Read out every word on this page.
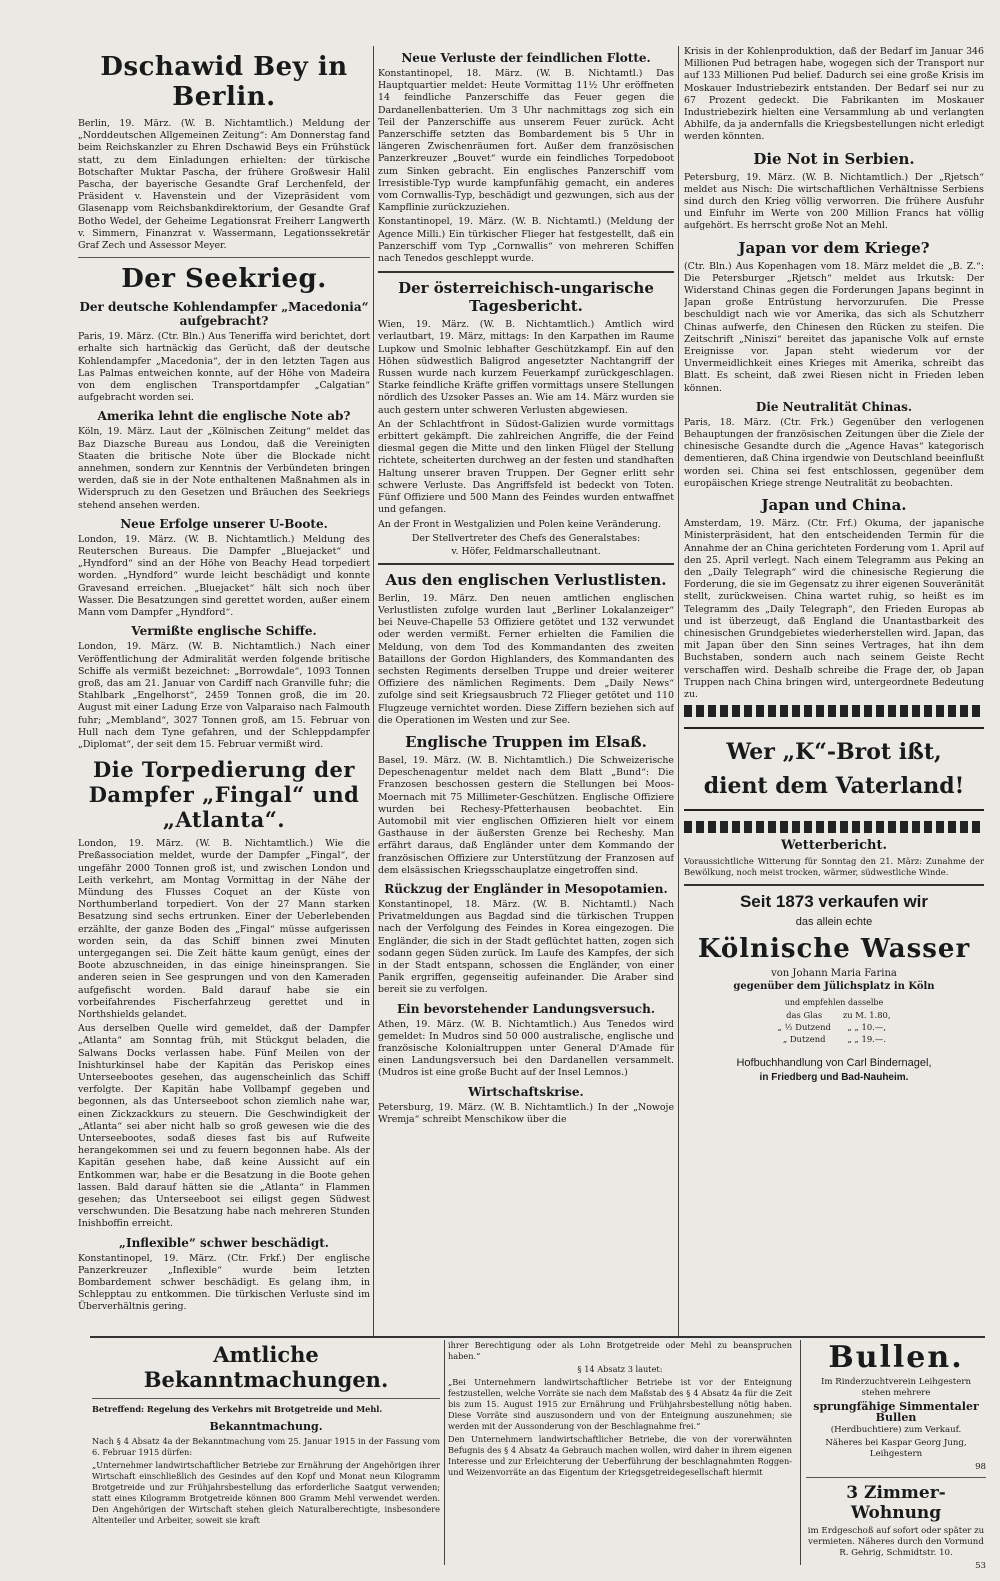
Dschawid Bey in Berlin.

Berlin, 19. März. (W. B. Nichtamtlich.) Meldung der „Norddeutschen Allgemeinen Zeitung“: Am Donnerstag fand beim Reichskanzler zu Ehren Dschawid Beys ein Frühstück statt, zu dem Einladungen erhielten: der türkische Botschafter Muktar Pascha, der frühere Großwesir Halil Pascha, der bayerische Gesandte Graf Lerchenfeld, der Präsident v. Havenstein und der Vizepräsident vom Glasenapp vom Reichsbankdirektorium, der Gesandte Graf Botho Wedel, der Geheime Legationsrat Freiherr Langwerth v. Simmern, Finanzrat v. Wassermann, Legationssekretär Graf Zech und Assessor Meyer.

Der Seekrieg.
Der deutsche Kohlendampfer „Macedonia“ aufgebracht?

Paris, 19. März. (Ctr. Bln.) Aus Teneriffa wird berichtet, dort erhalte sich hartnäckig das Gerücht, daß der deutsche Kohlendampfer „Macedonia“, der in den letzten Tagen aus Las Palmas entweichen konnte, auf der Höhe von Madeira von dem englischen Transportdampfer „Calgatian“ aufgebracht worden sei.

Amerika lehnt die englische Note ab?

Köln, 19. März. Laut der „Kölnischen Zeitung“ meldet das Baz Diazsche Bureau aus Londou, daß die Vereinigten Staaten die britische Note über die Blockade nicht annehmen, sondern zur Kenntnis der Verbündeten bringen werden, daß sie in der Note enthaltenen Maßnahmen als in Widerspruch zu den Gesetzen und Bräuchen des Seekriegs stehend ansehen werden.

Neue Erfolge unserer U-Boote.

London, 19. März. (W. B. Nichtamtlich.) Meldung des Reuterschen Bureaus. Die Dampfer „Bluejacket“ und „Hyndford“ sind an der Höhe von Beachy Head torpediert worden. „Hyndford“ wurde leicht beschädigt und konnte Gravesand erreichen. „Bluejacket“ hält sich noch über Wasser. Die Besatzungen sind gerettet worden, außer einem Mann vom Dampfer „Hyndford“.

Vermißte englische Schiffe.

London, 19. März. (W. B. Nichtamtlich.) Nach einer Veröffentlichung der Admiralität werden folgende britische Schiffe als vermißt bezeichnet: „Borrowdale“, 1093 Tonnen groß, das am 21. Januar von Cardiff nach Granville fuhr; die Stahlbark „Engelhorst“, 2459 Tonnen groß, die im 20. August mit einer Ladung Erze von Valparaiso nach Falmouth fuhr; „Membland“, 3027 Tonnen groß, am 15. Februar von Hull nach dem Tyne gefahren, und der Schleppdampfer „Diplomat“, der seit dem 15. Februar vermißt wird.

Die Torpedierung der Dampfer „Fingal“ und „Atlanta“.

London, 19. März. (W. B. Nichtamtlich.) Wie die Preßassociation meldet, wurde der Dampfer „Fingal“, der ungefähr 2000 Tonnen groß ist, und zwischen London und Leith verkehrt, am Montag Vormittag in der Nähe der Mündung des Flusses Coquet an der Küste von Northumberland torpediert. Von der 27 Mann starken Besatzung sind sechs ertrunken. Einer der Ueberlebenden erzählte, der ganze Boden des „Fingal“ müsse aufgerissen worden sein, da das Schiff binnen zwei Minuten untergegangen sei. Die Zeit hätte kaum genügt, eines der Boote abzuschneiden, in das einige hineinsprangen. Sie anderen seien in See gesprungen und von den Kameraden aufgefischt worden. Bald darauf habe sie ein vorbeifahrendes Fischerfahrzeug gerettet und in Northshields gelandet.

Aus derselben Quelle wird gemeldet, daß der Dampfer „Atlanta“ am Sonntag früh, mit Stückgut beladen, die Salwans Docks verlassen habe. Fünf Meilen von der Inishturkinsel habe der Kapitän das Periskop eines Unterseebootes gesehen, das augenscheinlich das Schiff verfolgte. Der Kapitän habe Vollbampf gegeben und begonnen, als das Unterseeboot schon ziemlich nahe war, einen Zickzackkurs zu steuern. Die Geschwindigkeit der „Atlanta“ sei aber nicht halb so groß gewesen wie die des Unterseebootes, sodaß dieses fast bis auf Rufweite herangekommen sei und zu feuern begonnen habe. Als der Kapitän gesehen habe, daß keine Aussicht auf ein Entkommen war, habe er die Besatzung in die Boote gehen lassen. Bald darauf hätten sie die „Atlanta“ in Flammen gesehen; das Unterseeboot sei eiligst gegen Südwest verschwunden. Die Besatzung habe nach mehreren Stunden Inishboffin erreicht.

„Inflexible“ schwer beschädigt.

Konstantinopel, 19. März. (Ctr. Frkf.) Der englische Panzerkreuzer „Inflexible“ wurde beim letzten Bombardement schwer beschädigt. Es gelang ihm, in Schlepptau zu entkommen. Die türkischen Verluste sind im Überverhältnis gering.

Neue Verluste der feindlichen Flotte.

Konstantinopel, 18. März. (W. B. Nichtamtl.) Das Hauptquartier meldet: Heute Vormittag 11½ Uhr eröffneten 14 feindliche Panzerschiffe das Feuer gegen die Dardanellenbatterien. Um 3 Uhr nachmittags zog sich ein Teil der Panzerschiffe aus unserem Feuer zurück. Acht Panzerschiffe setzten das Bombardement bis 5 Uhr in längeren Zwischenräumen fort. Außer dem französischen Panzerkreuzer „Bouvet“ wurde ein feindliches Torpedoboot zum Sinken gebracht. Ein englisches Panzerschiff vom Irresistible-Typ wurde kampfunfähig gemacht, ein anderes vom Cornwallis-Typ, beschädigt und gezwungen, sich aus der Kampflinie zurückzuziehen.

Konstantinopel, 19. März. (W. B. Nichtamtl.) (Meldung der Agence Milli.) Ein türkischer Flieger hat festgestellt, daß ein Panzerschiff vom Typ „Cornwallis“ von mehreren Schiffen nach Tenedos geschleppt wurde.

Der österreichisch-ungarische Tagesbericht.

Wien, 19. März. (W. B. Nichtamtlich.) Amtlich wird verlautbart, 19. März, mittags: In den Karpathen im Raume Lupkow und Smolnic lebhafter Geschützkampf. Ein auf den Höhen südwestlich Baligrod angesetzter Nachtangriff der Russen wurde nach kurzem Feuerkampf zurückgeschlagen. Starke feindliche Kräfte griffen vormittags unsere Stellungen nördlich des Uzsoker Passes an. Wie am 14. März wurden sie auch gestern unter schweren Verlusten abgewiesen.

An der Schlachtfront in Südost-Galizien wurde vormittags erbittert gekämpft. Die zahlreichen Angriffe, die der Feind diesmal gegen die Mitte und den linken Flügel der Stellung richtete, scheiterten durchweg an der festen und standhaften Haltung unserer braven Truppen. Der Gegner erlitt sehr schwere Verluste. Das Angriffsfeld ist bedeckt von Toten. Fünf Offiziere und 500 Mann des Feindes wurden entwaffnet und gefangen.

An der Front in Westgalizien und Polen keine Veränderung.

Der Stellvertreter des Chefs des Generalstabes:
v. Höfer, Feldmarschalleutnant.
Aus den englischen Verlustlisten.

Berlin, 19. März. Den neuen amtlichen englischen Verlustlisten zufolge wurden laut „Berliner Lokalanzeiger“ bei Neuve-Chapelle 53 Offiziere getötet und 132 verwundet oder werden vermißt. Ferner erhielten die Familien die Meldung, von dem Tod des Kommandanten des zweiten Bataillons der Gordon Highlanders, des Kommandanten des sechsten Regiments derselben Truppe und dreier weiterer Offiziere des nämlichen Regiments. Dem „Daily News“ zufolge sind seit Kriegsausbruch 72 Flieger getötet und 110 Flugzeuge vernichtet worden. Diese Ziffern beziehen sich auf die Operationen im Westen und zur See.

Englische Truppen im Elsaß.

Basel, 19. März. (W. B. Nichtamtlich.) Die Schweizerische Depeschenagentur meldet nach dem Blatt „Bund“: Die Franzosen beschossen gestern die Stellungen bei Moos-Moernach mit 75 Millimeter-Geschützen. Englische Offiziere wurden bei Rechesy-Pfetterhausen beobachtet. Ein Automobil mit vier englischen Offizieren hielt vor einem Gasthause in der äußersten Grenze bei Recheshy. Man erfährt daraus, daß Engländer unter dem Kommando der französischen Offiziere zur Unterstützung der Franzosen auf dem elsässischen Kriegsschauplatze eingetroffen sind.

Rückzug der Engländer in Mesopotamien.

Konstantinopel, 18. März. (W. B. Nichtamtl.) Nach Privatmeldungen aus Bagdad sind die türkischen Truppen nach der Verfolgung des Feindes in Korea eingezogen. Die Engländer, die sich in der Stadt geflüchtet hatten, zogen sich sodann gegen Süden zurück. Im Laufe des Kampfes, der sich in der Stadt entspann, schossen die Engländer, von einer Panik ergriffen, gegenseitig aufeinander. Die Araber sind bereit sie zu verfolgen.

Ein bevorstehender Landungsversuch.

Athen, 19. März. (W. B. Nichtamtlich.) Aus Tenedos wird gemeldet: In Mudros sind 50 000 australische, englische und französische Kolonialtruppen unter General D'Amade für einen Landungsversuch bei den Dardanellen versammelt. (Mudros ist eine große Bucht auf der Insel Lemnos.)

Wirtschaftskrise.

Petersburg, 19. März. (W. B. Nichtamtlich.) In der „Nowoje Wremja“ schreibt Menschikow über die

Krisis in der Kohlenproduktion, daß der Bedarf im Januar 346 Millionen Pud betragen habe, wogegen sich der Transport nur auf 133 Millionen Pud belief. Dadurch sei eine große Krisis im Moskauer Industriebezirk entstanden. Der Bedarf sei nur zu 67 Prozent gedeckt. Die Fabrikanten im Moskauer Industriebezirk hielten eine Versammlung ab und verlangten Abhilfe, da ja andernfalls die Kriegsbestellungen nicht erledigt werden könnten.

Die Not in Serbien.

Petersburg, 19. März. (W. B. Nichtamtlich.) Der „Rjetsch“ meldet aus Nisch: Die wirtschaftlichen Verhältnisse Serbiens sind durch den Krieg völlig verworren. Die frühere Ausfuhr und Einfuhr im Werte von 200 Million Francs hat völlig aufgehört. Es herrscht große Not an Mehl.

Japan vor dem Kriege?

(Ctr. Bln.) Aus Kopenhagen vom 18. März meldet die „B. Z.“: Die Petersburger „Rjetsch“ meldet aus Irkutsk: Der Widerstand Chinas gegen die Forderungen Japans beginnt in Japan große Entrüstung hervorzurufen. Die Presse beschuldigt nach wie vor Amerika, das sich als Schutzherr Chinas aufwerfe, den Chinesen den Rücken zu steifen. Die Zeitschrift „Niniszi“ bereitet das japanische Volk auf ernste Ereignisse vor. Japan steht wiederum vor der Unvermeidlichkeit eines Krieges mit Amerika, schreibt das Blatt. Es scheint, daß zwei Riesen nicht in Frieden leben können.

Die Neutralität Chinas.

Paris, 18. März. (Ctr. Frk.) Gegenüber den verlogenen Behauptungen der französischen Zeitungen über die Ziele der chinesische Gesandte durch die „Agence Havas“ kategorisch dementieren, daß China irgendwie von Deutschland beeinflußt worden sei. China sei fest entschlossen, gegenüber dem europäischen Kriege strenge Neutralität zu beobachten.

Japan und China.

Amsterdam, 19. März. (Ctr. Frf.) Okuma, der japanische Ministerpräsident, hat den entscheidenden Termin für die Annahme der an China gerichteten Forderung vom 1. April auf den 25. April verlegt. Nach einem Telegramm aus Peking an den „Daily Telegraph“ wird die chinesische Regierung die Forderung, die sie im Gegensatz zu ihrer eigenen Souveränität stellt, zurückweisen. China wartet ruhig, so heißt es im Telegramm des „Daily Telegraph“, den Frieden Europas ab und ist überzeugt, daß England die Unantastbarkeit des chinesischen Grundgebietes wiederherstellen wird. Japan, das mit Japan über den Sinn seines Vertrages, hat ihn dem Buchstaben, sondern auch nach seinem Geiste Recht verschaffen wird. Deshalb schreibe die Frage der, ob Japan Truppen nach China bringen wird, untergeordnete Bedeutung zu.

Wer „K“-Brot ißt,
dient dem Vaterland!
Wetterbericht.

Voraussichtliche Witterung für Sonntag den 21. März: Zunahme der Bewölkung, noch meist trocken, wärmer, südwestliche Winde.

Seit 1873 verkaufen wir
das allein echte
Kölnische Wasser
von Johann Maria Farina
gegenüber dem Jülichsplatz in Köln
und empfehlen dasselbe
das Glas	zu M. 1.80,
„ ½ Dutzend	„ „ 10.—,
„ Dutzend	„ „ 19.—.
Hofbuchhandlung von Carl Bindernagel,
in Friedberg und Bad-Nauheim.
Amtliche Bekanntmachungen.

Betreffend: Regelung des Verkehrs mit Brotgetreide und Mehl.

Bekanntmachung.

Nach § 4 Absatz 4a der Bekanntmachung vom 25. Januar 1915 in der Fassung vom 6. Februar 1915 dürfen:

„Unternehmer landwirtschaftlicher Betriebe zur Ernährung der Angehörigen ihrer Wirtschaft einschließlich des Gesindes auf den Kopf und Monat neun Kilogramm Brotgetreide und zur Frühjahrsbestellung das erforderliche Saatgut verwenden; statt eines Kilogramm Brotgetreide können 800 Gramm Mehl verwendet werden. Den Angehörigen der Wirtschaft stehen gleich Naturalberechtigte, insbesondere Altenteiler und Arbeiter, soweit sie kraft

ihrer Berechtigung oder als Lohn Brotgetreide oder Mehl zu beanspruchen haben.“

§ 14 Absatz 3 lautet:

„Bei Unternehmern landwirtschaftlicher Betriebe ist vor der Enteignung festzustellen, welche Vorräte sie nach dem Maßstab des § 4 Absatz 4a für die Zeit bis zum 15. August 1915 zur Ernährung und Frühjahrsbestellung nötig haben. Diese Vorräte sind auszusondern und von der Enteignung auszunehmen; sie werden mit der Aussonderung von der Beschlagnahme frei.“

Den Unternehmern landwirtschaftlicher Betriebe, die von der vorerwähnten Befugnis des § 4 Absatz 4a Gebrauch machen wollen, wird daher in ihrem eigenen Interesse und zur Erleichterung der Ueberführung der beschlagnahmten Roggen- und Weizenvorräte an das Eigentum der Kriegsgetreidegesellschaft hiermit

Bullen.

Im Rinderzuchtverein Leihgestern stehen mehrere

sprungfähige Simmentaler Bullen

(Herdbuchtiere) zum Verkauf.

Näheres bei Kaspar Georg Jung, Leihgestern

98
3 Zimmer-Wohnung

im Erdgeschoß auf sofort oder später zu vermieten. Näheres durch den Vormund R. Gehrig, Schmidtstr. 10.

53
